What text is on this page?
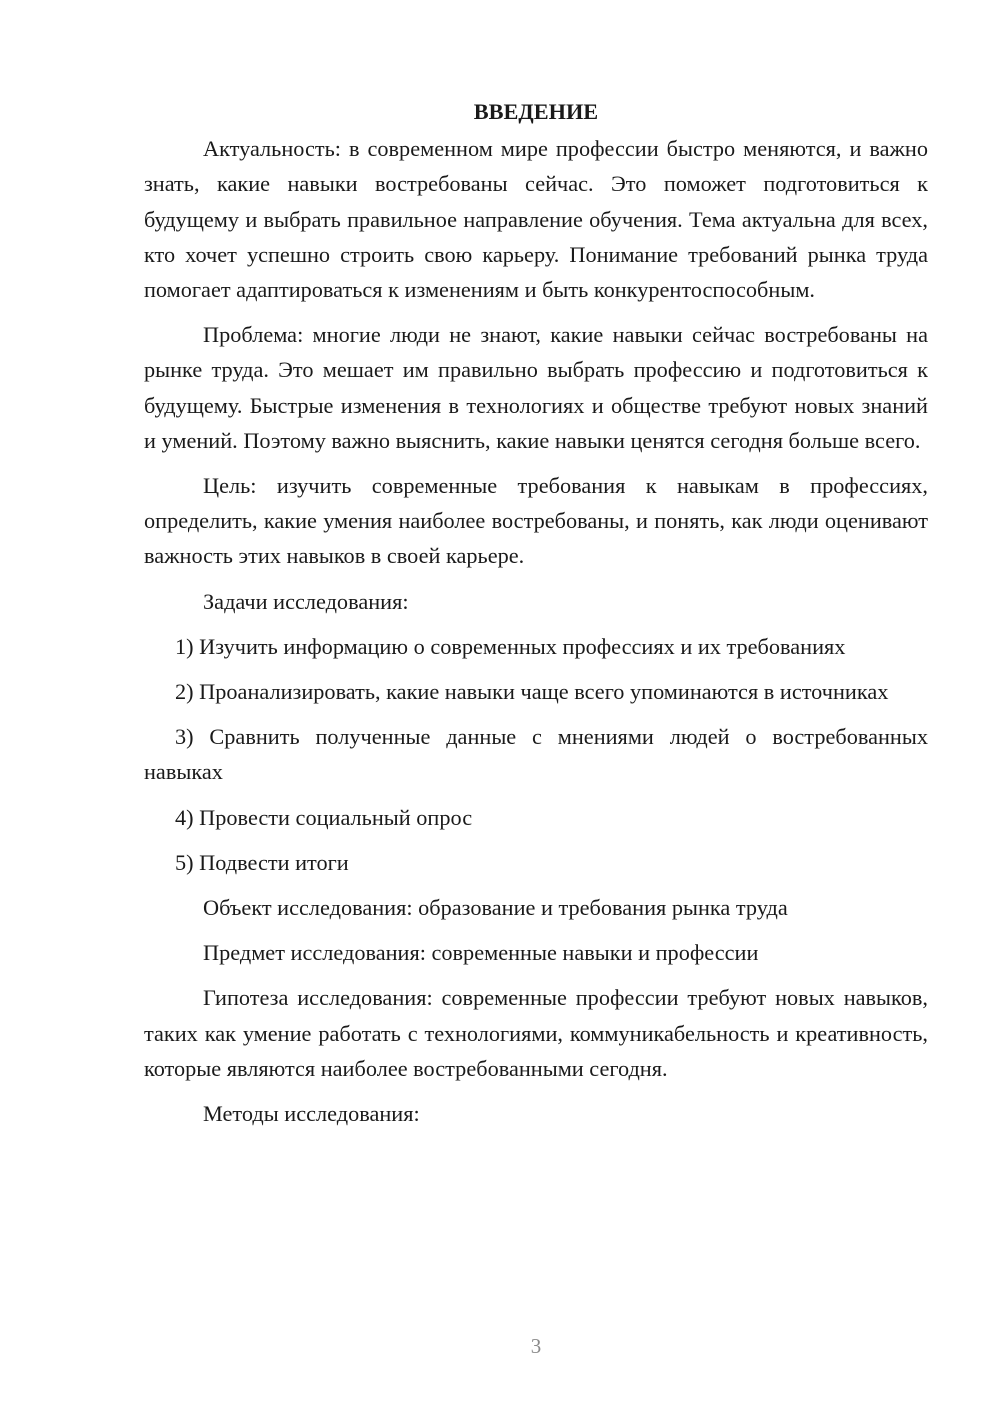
ВВЕДЕНИЕ

Актуальность: в современном мире профессии быстро меняются, и важно знать, какие навыки востребованы сейчас. Это поможет подготовиться к будущему и выбрать правильное направление обучения. Тема актуальна для всех, кто хочет успешно строить свою карьеру. Понимание требований рынка труда помогает адаптироваться к изменениям и быть конкурентоспособным.

Проблема: многие люди не знают, какие навыки сейчас востребованы на рынке труда. Это мешает им правильно выбрать профессию и подготовиться к будущему. Быстрые изменения в технологиях и обществе требуют новых знаний и умений. Поэтому важно выяснить, какие навыки ценятся сегодня больше всего.

Цель: изучить современные требования к навыкам в профессиях, определить, какие умения наиболее востребованы, и понять, как люди оценивают важность этих навыков в своей карьере.

Задачи исследования:

1) Изучить информацию о современных профессиях и их требованиях

2) Проанализировать, какие навыки чаще всего упоминаются в источниках

3) Сравнить полученные данные с мнениями людей о востребованных навыках

4) Провести социальный опрос

5) Подвести итоги

Объект исследования: образование и требования рынка труда

Предмет исследования: современные навыки и профессии

Гипотеза исследования: современные профессии требуют новых навыков, таких как умение работать с технологиями, коммуникабельность и креативность, которые являются наиболее востребованными сегодня.

Методы исследования:

3
